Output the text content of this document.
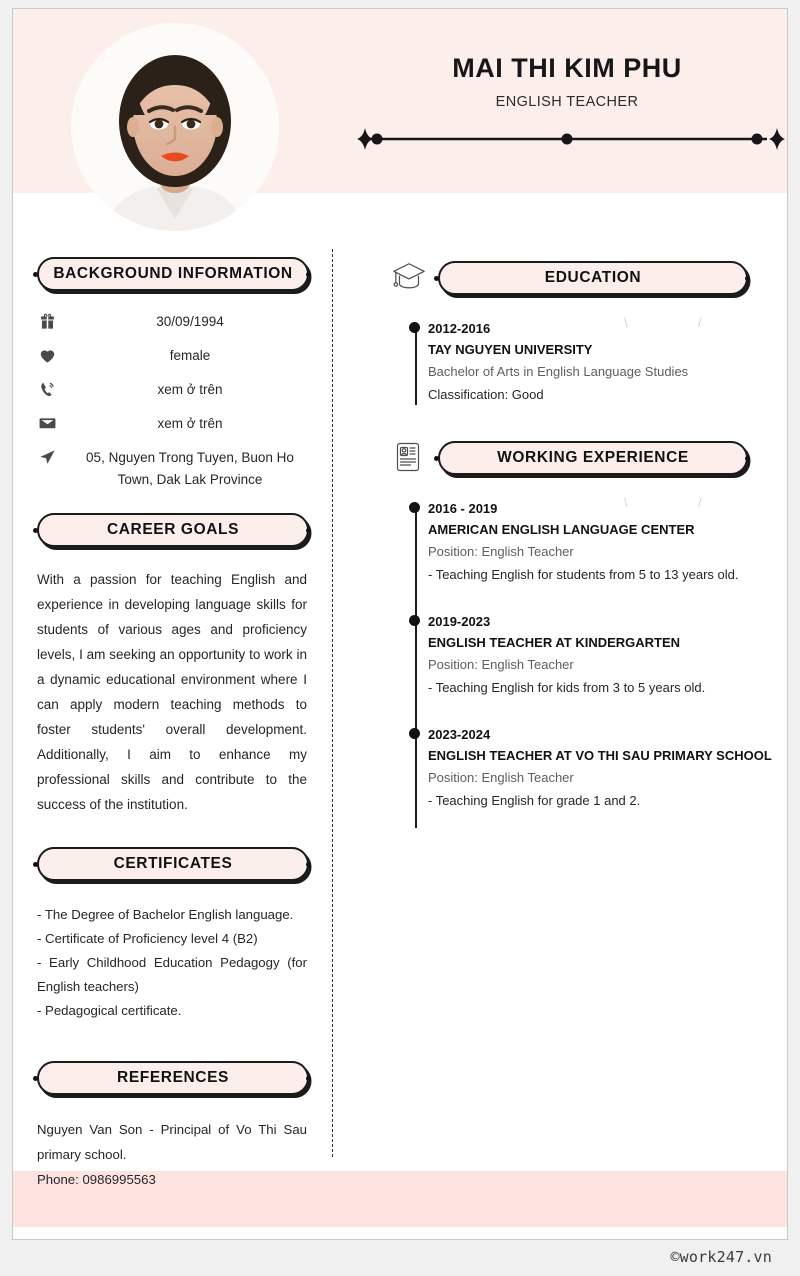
MAI THI KIM PHU
ENGLISH TEACHER
BACKGROUND INFORMATION
30/09/1994
female
xem ở trên
xem ở trên
05, Nguyen Trong Tuyen, Buon Ho Town, Dak Lak Province
CAREER GOALS
With a passion for teaching English and experience in developing language skills for students of various ages and proficiency levels, I am seeking an opportunity to work in a dynamic educational environment where I can apply modern teaching methods to foster students' overall development. Additionally, I aim to enhance my professional skills and contribute to the success of the institution.
CERTIFICATES
- The Degree of Bachelor English language.
- Certificate of Proficiency level 4 (B2)
- Early Childhood Education Pedagogy (for English teachers)
- Pedagogical certificate.
REFERENCES
Nguyen Van Son - Principal of Vo Thi Sau primary school.
Phone: 0986995563
EDUCATION
\	/
2012-2016
TAY NGUYEN UNIVERSITY
Bachelor of Arts in English Language Studies
Classification: Good
WORKING EXPERIENCE
\	/
2016 - 2019
AMERICAN ENGLISH LANGUAGE CENTER
Position: English Teacher
- Teaching English for students from 5 to 13 years old.
2019-2023
ENGLISH TEACHER AT KINDERGARTEN
Position: English Teacher
- Teaching English for kids from 3 to 5 years old.
2023-2024
ENGLISH TEACHER AT VO THI SAU PRIMARY SCHOOL
Position: English Teacher
- Teaching English for grade 1 and 2.
©work247.vn
